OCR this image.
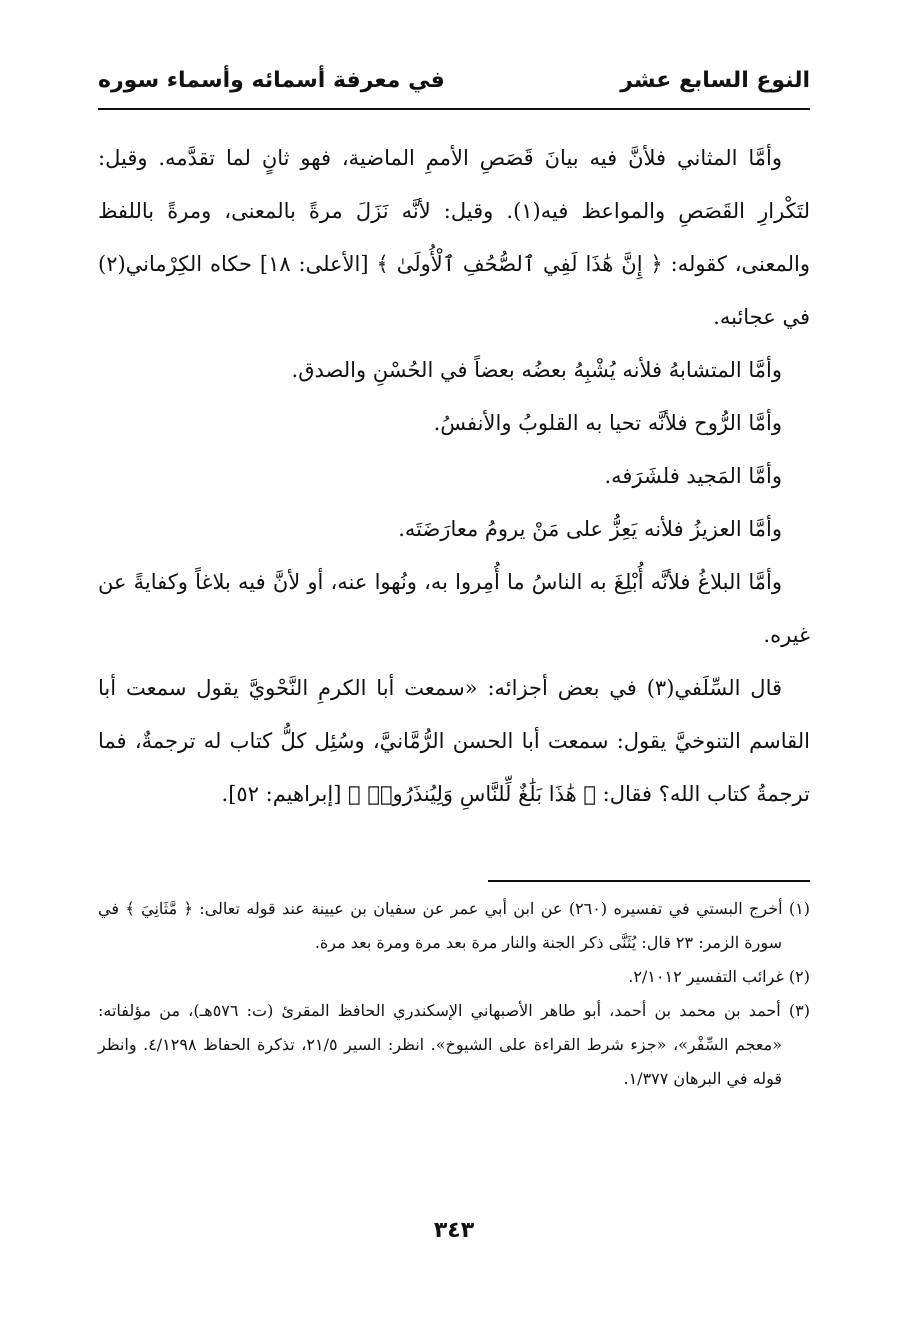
النوع السابع عشر
في معرفة أسمائه وأسماء سوره

وأمَّا المثاني فلأنَّ فيه بيانَ قَصَصِ الأممِ الماضية، فهو ثانٍ لما تقدَّمه. وقيل: لتَكْرارِ القَصَصِ والمواعظ فيه(١). وقيل: لأنَّه نَزَلَ مرةً بالمعنى، ومرةً باللفظ والمعنى، كقوله: ﴿ إِنَّ هَٰذَا لَفِي ٱلصُّحُفِ ٱلْأُولَىٰ ﴾ [الأعلى: ١٨] حكاه الكِرْماني(٢) في عجائبه.

وأمَّا المتشابهُ فلأنه يُشْبِهُ بعضُه بعضاً في الحُسْنِ والصدق.

وأمَّا الرُّوح فلأنَّه تحيا به القلوبُ والأنفسُ.

وأمَّا المَجيد فلشَرَفه.

وأمَّا العزيزُ فلأنه يَعِزُّ على مَنْ يرومُ معارَضَتَه.

وأمَّا البلاغُ فلأنَّه أُبْلِغَ به الناسُ ما أُمِروا به، ونُهوا عنه، أو لأنَّ فيه بلاغاً وكفايةً عن غيره.

قال السِّلَفي(٣) في بعض أجزائه: «سمعت أبا الكرمِ النَّحْويَّ يقول سمعت أبا القاسم التنوخيَّ يقول: سمعت أبا الحسن الرُّمَّانيَّ، وسُئِل كلُّ كتاب له ترجمةٌ، فما ترجمةُ كتاب الله؟ فقال: ﴿ هَٰذَا بَلَٰغٌ لِّلنَّاسِ وَلِيُنذَرُوا۟ ﴾ [إبراهيم: ٥٢].

(١) أخرج البستي في تفسيره (٢٦٠) عن ابن أبي عمر عن سفيان بن عيينة عند قوله تعالى: ﴿ مَّثَانِيَ ﴾ في سورة الزمر: ٢٣ قال: يُثَنَّى ذكر الجنة والنار مرة بعد مرة ومرة بعد مرة.

(٢) غرائب التفسير ٢/١٠١٢.

(٣) أحمد بن محمد بن أحمد، أبو طاهر الأصبهاني الإسكندري الحافظ المقرئ (ت: ٥٧٦هـ)، من مؤلفاته: «معجم السِّفْر»، «جزء شرط القراءة على الشيوخ». انظر: السير ٢١/٥، تذكرة الحفاظ ٤/١٢٩٨. وانظر قوله في البرهان ١/٣٧٧.

٣٤٣
